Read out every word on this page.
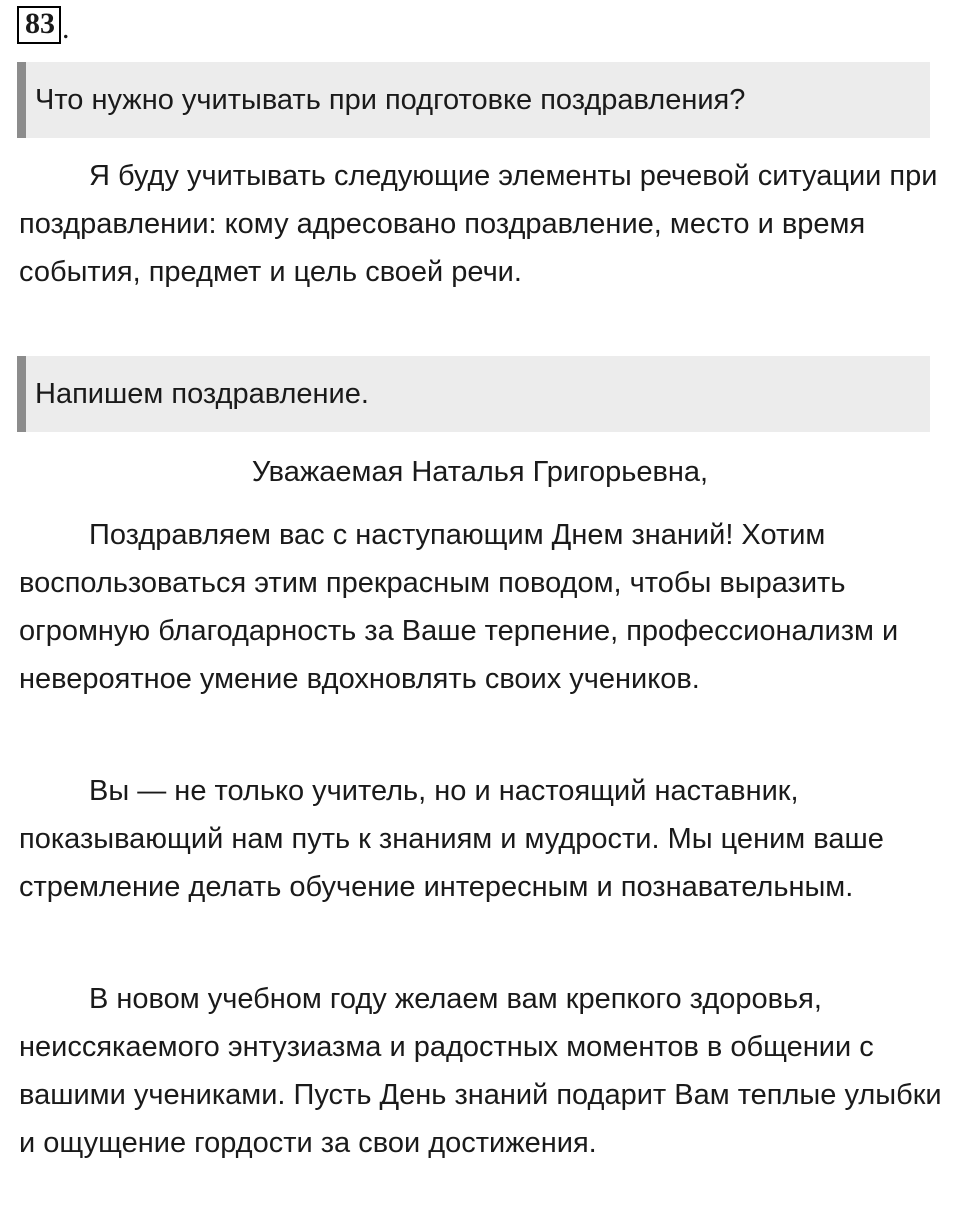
83 .
Что нужно учитывать при подготовке поздравления?

Я буду учитывать следующие элементы речевой ситуации при поздравлении: кому адресовано поздравление, место и время события, предмет и цель своей речи.

Напишем поздравление.
Уважаемая Наталья Григорьевна,

Поздравляем вас с наступающим Днем знаний! Хотим воспользоваться этим прекрасным поводом, чтобы выразить огромную благодарность за Ваше терпение, профессионализм и невероятное умение вдохновлять своих учеников.

Вы — не только учитель, но и настоящий наставник, показывающий нам путь к знаниям и мудрости. Мы ценим ваше стремление делать обучение интересным и познавательным.

В новом учебном году желаем вам крепкого здоровья, неиссякаемого энтузиазма и радостных моментов в общении с вашими учениками. Пусть День знаний подарит Вам теплые улыбки и ощущение гордости за свои достижения.
